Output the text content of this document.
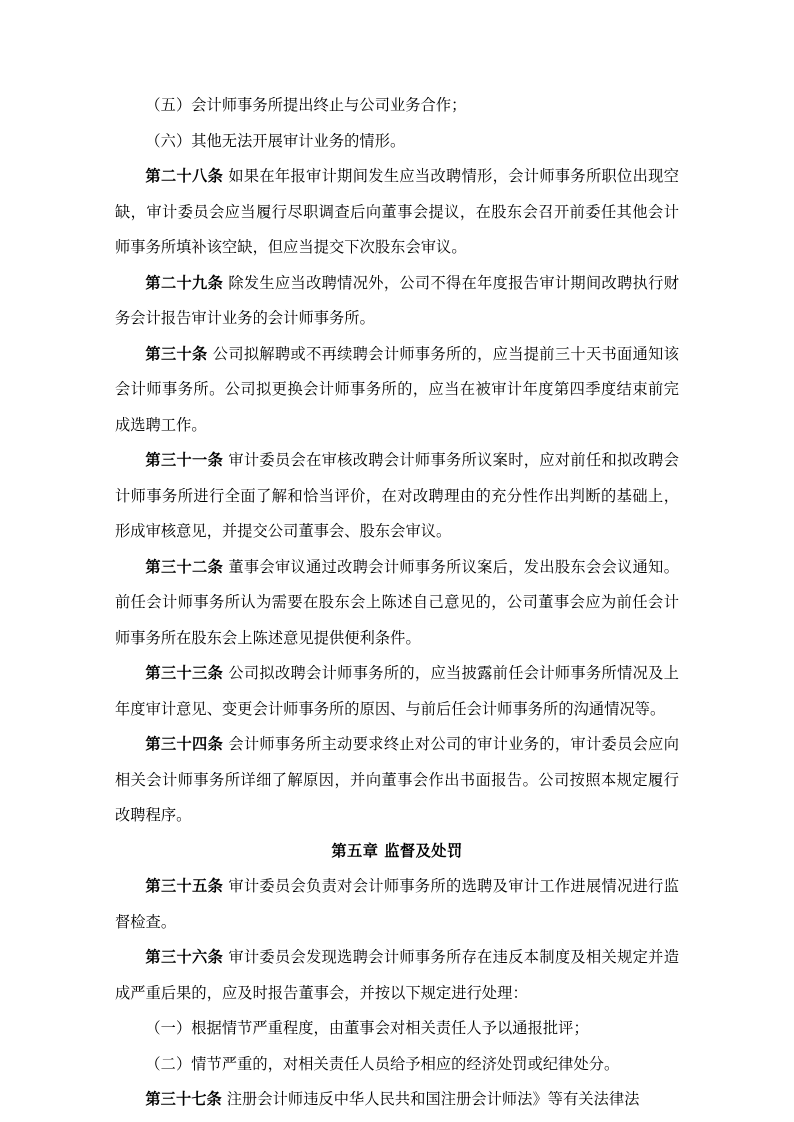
（五）会计师事务所提出终止与公司业务合作；

（六）其他无法开展审计业务的情形。

第二十八条 如果在年报审计期间发生应当改聘情形，会计师事务所职位出现空缺，审计委员会应当履行尽职调查后向董事会提议，在股东会召开前委任其他会计师事务所填补该空缺，但应当提交下次股东会审议。

第二十九条 除发生应当改聘情况外，公司不得在年度报告审计期间改聘执行财务会计报告审计业务的会计师事务所。

第三十条 公司拟解聘或不再续聘会计师事务所的，应当提前三十天书面通知该会计师事务所。公司拟更换会计师事务所的，应当在被审计年度第四季度结束前完成选聘工作。

第三十一条 审计委员会在审核改聘会计师事务所议案时，应对前任和拟改聘会计师事务所进行全面了解和恰当评价，在对改聘理由的充分性作出判断的基础上，形成审核意见，并提交公司董事会、股东会审议。

第三十二条 董事会审议通过改聘会计师事务所议案后，发出股东会会议通知。前任会计师事务所认为需要在股东会上陈述自己意见的，公司董事会应为前任会计师事务所在股东会上陈述意见提供便利条件。

第三十三条 公司拟改聘会计师事务所的，应当披露前任会计师事务所情况及上年度审计意见、变更会计师事务所的原因、与前后任会计师事务所的沟通情况等。

第三十四条 会计师事务所主动要求终止对公司的审计业务的，审计委员会应向相关会计师事务所详细了解原因，并向董事会作出书面报告。公司按照本规定履行改聘程序。

第五章 监督及处罚

第三十五条 审计委员会负责对会计师事务所的选聘及审计工作进展情况进行监督检查。

第三十六条 审计委员会发现选聘会计师事务所存在违反本制度及相关规定并造成严重后果的，应及时报告董事会，并按以下规定进行处理：

（一）根据情节严重程度，由董事会对相关责任人予以通报批评；

（二）情节严重的，对相关责任人员给予相应的经济处罚或纪律处分。

第三十七条 注册会计师违反中华人民共和国注册会计师法》等有关法律法
